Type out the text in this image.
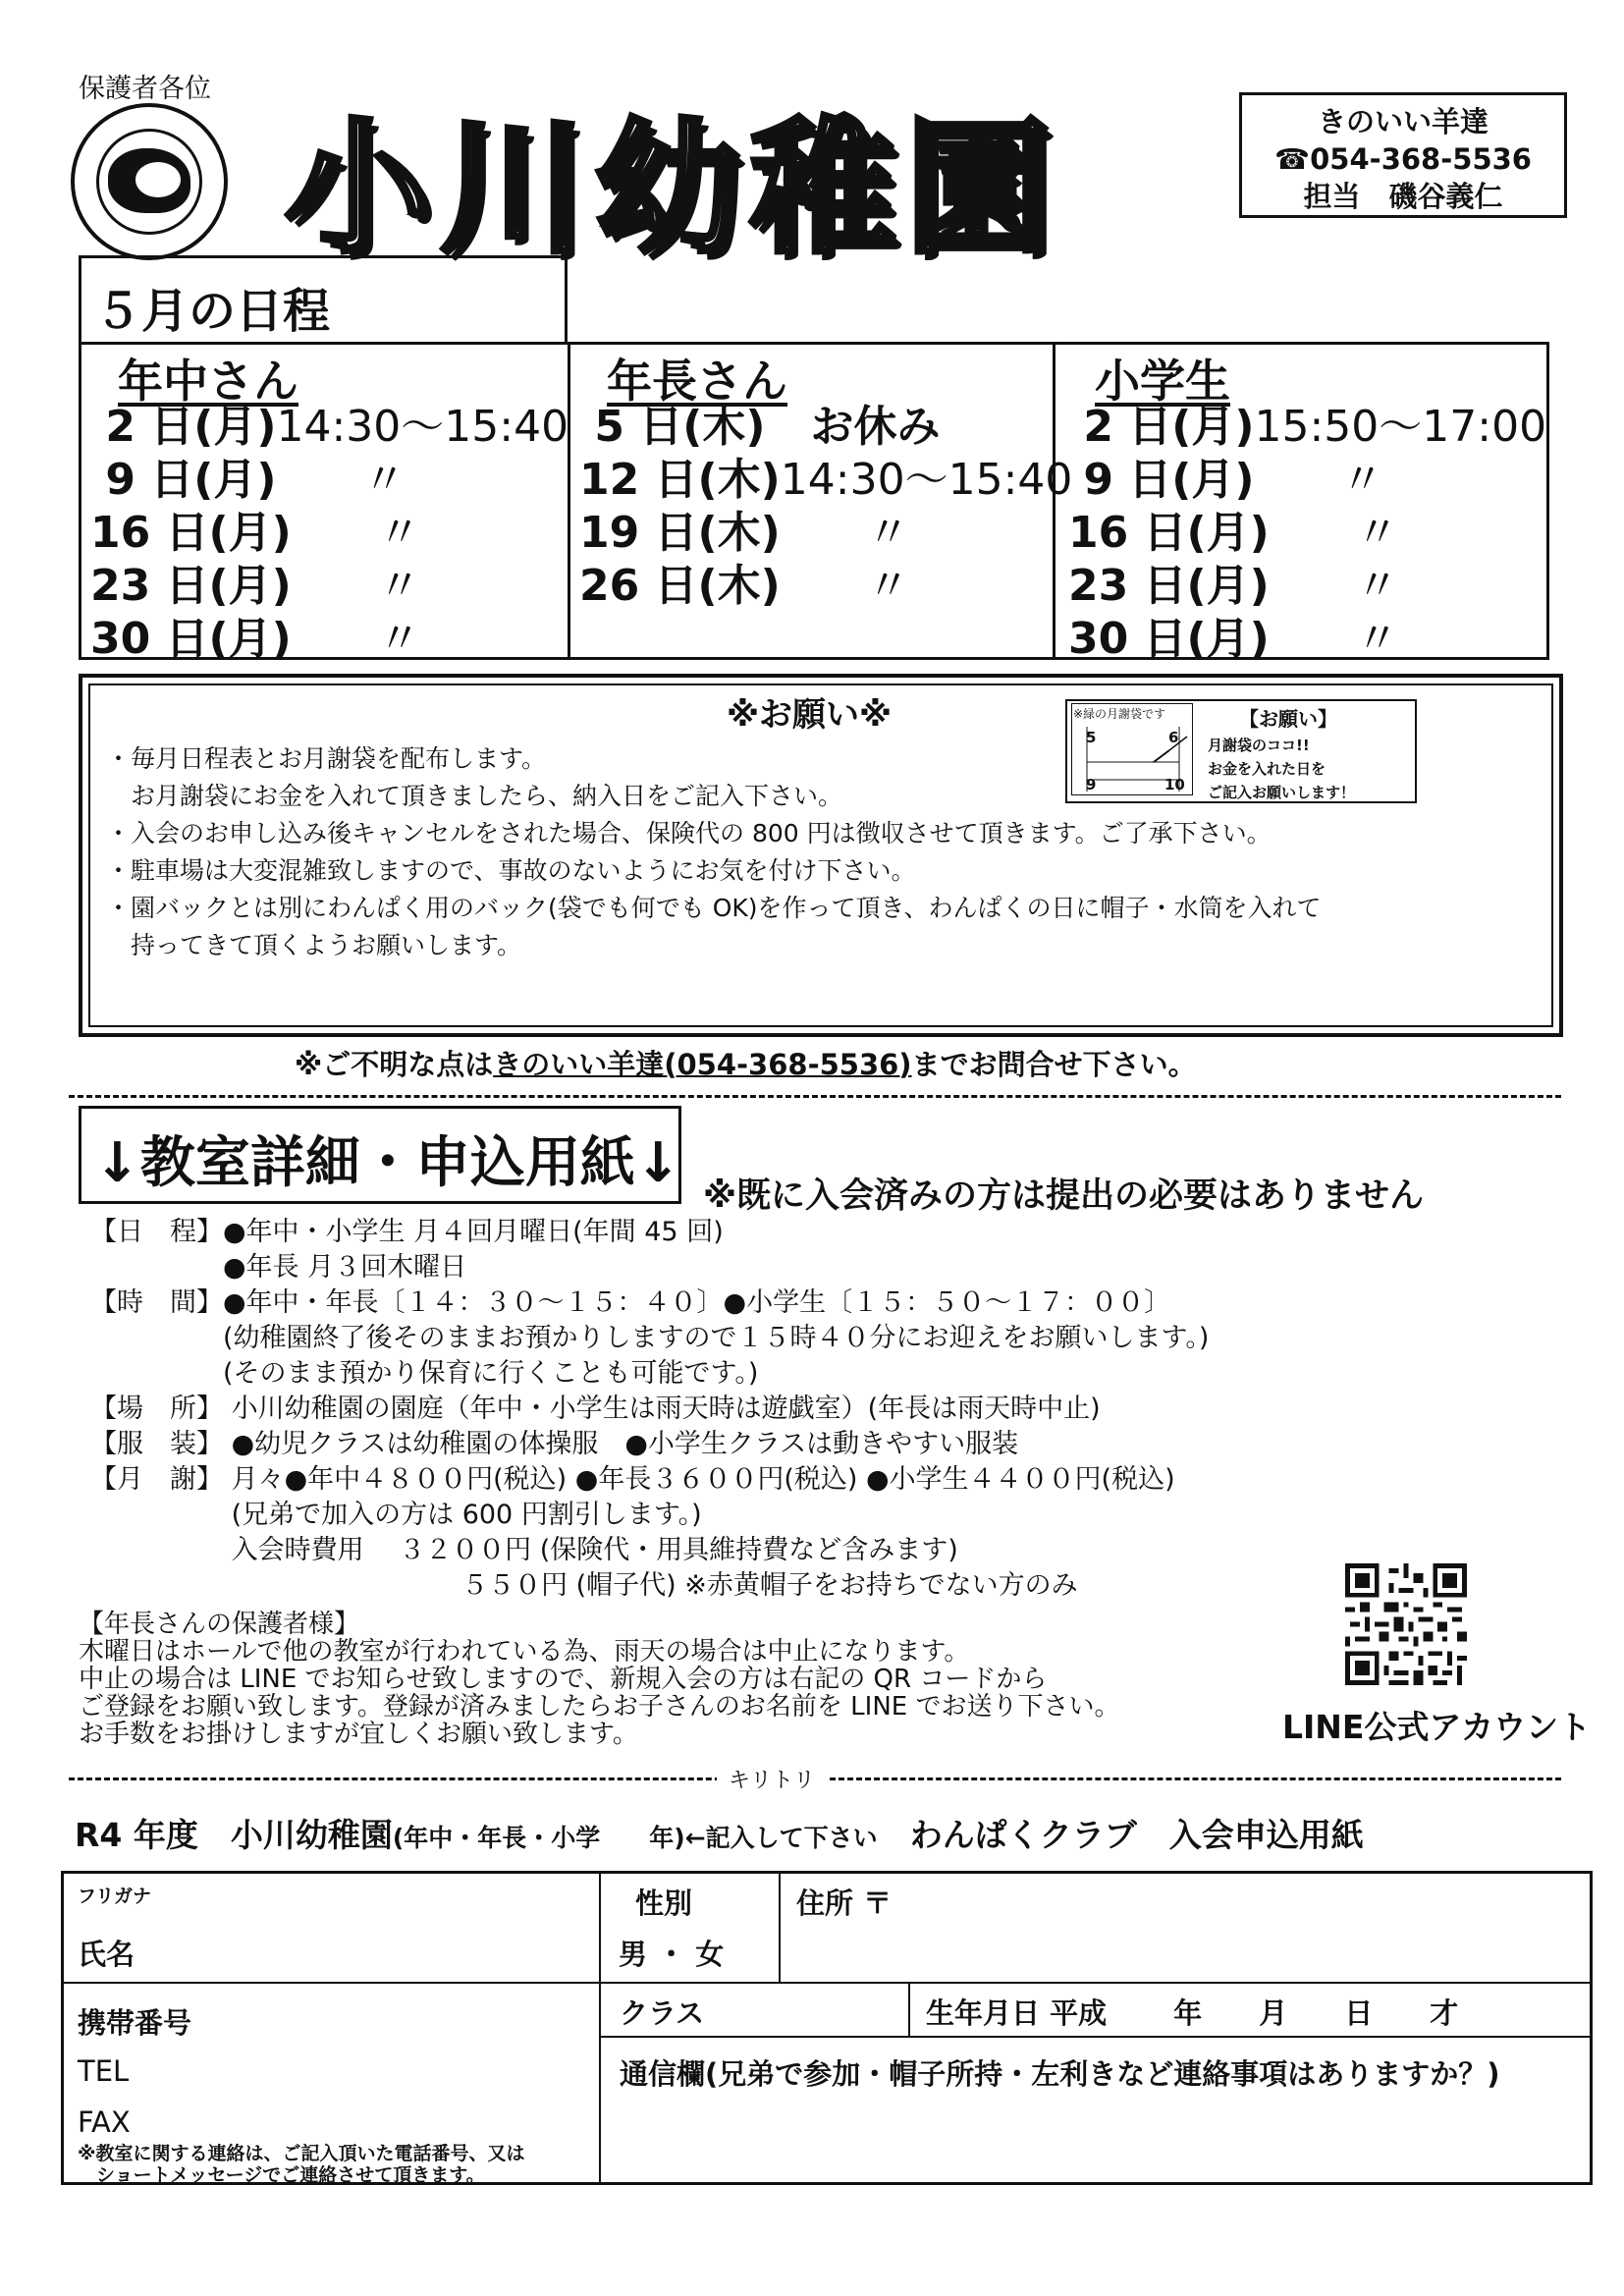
保護者各位
小川幼稚園	きのいい羊達
☎054-368-5536
担当　磯谷義仁
５月の日程
年中さん
2 日(月)14:30～15:40
9 日(月)　　〃
16 日(月)　　〃
23 日(月)　　〃
30 日(月)　　〃
年長さん
5 日(木)   お休み
12 日(木)14:30～15:40
19 日(木)　　〃
26 日(木)　　〃
小学生
2 日(月)15:50～17:00
9 日(月)　　〃
16 日(月)　　〃
23 日(月)　　〃
30 日(月)　　〃
※お願い※
・毎月日程表とお月謝袋を配布します。
　お月謝袋にお金を入れて頂きましたら、納入日をご記入下さい。
・入会のお申し込み後キャンセルをされた場合、保険代の 800 円は徴収させて頂きます。ご了承下さい。
・駐車場は大変混雑致しますので、事故のないようにお気を付け下さい。
・園バックとは別にわんぱく用のバック(袋でも何でも OK)を作って頂き、わんぱくの日に帽子・水筒を入れて
　持ってきて頂くようお願いします。
※緑の月謝袋です
5	6
9	10
【お願い】
月謝袋のココ!!
お金を入れた日を
ご記入お願いします！
※ご不明な点はきのいい羊達(054-368-5536)までお問合せ下さい。
↓教室詳細・申込用紙↓
※既に入会済みの方は提出の必要はありません
【日　程】●年中・小学生 月４回月曜日(年間 45 回)
　　　　　●年長 月３回木曜日
【時　間】●年中・年長〔１４：３０～１５：４０〕●小学生〔１５：５０～１７：００〕
　　　　　(幼稚園終了後そのままお預かりしますので１５時４０分にお迎えをお願いします。)
　　　　　(そのまま預かり保育に行くことも可能です。)
【場　所】 小川幼稚園の園庭（年中・小学生は雨天時は遊戯室）(年長は雨天時中止)
【服　装】 ●幼児クラスは幼稚園の体操服　●小学生クラスは動きやすい服装
【月　謝】 月々●年中４８００円(税込) ●年長３６００円(税込) ●小学生４４００円(税込)
　　　　　 (兄弟で加入の方は 600 円割引します。)
　　　　　 入会時費用　 ３２００円 (保険代・用具維持費など含みます)
　　　　　　　　　　　　　　５５０円 (帽子代) ※赤黄帽子をお持ちでない方のみ
【年長さんの保護者様】
木曜日はホールで他の教室が行われている為、雨天の場合は中止になります。
中止の場合は LINE でお知らせ致しますので、新規入会の方は右記の QR コードから
ご登録をお願い致します。登録が済みましたらお子さんのお名前を LINE でお送り下さい。
お手数をお掛けしますが宜しくお願い致します。	LINE公式アカウント
キリトリ
R4 年度　小川幼稚園(年中・年長・小学　　年)←記入して下さい　 わんぱくクラブ　入会申込用紙
フリガナ
氏名
性別
男 ・ 女
住所 〒
携帯番号
TEL
FAX
※教室に関する連絡は、ご記入頂いた電話番号、又は
　ショートメッセージでご連絡させて頂きます。
クラス	生年月日 平成　　 年　　月　　日　　才
通信欄(兄弟で参加・帽子所持・左利きなど連絡事項はありますか？)
